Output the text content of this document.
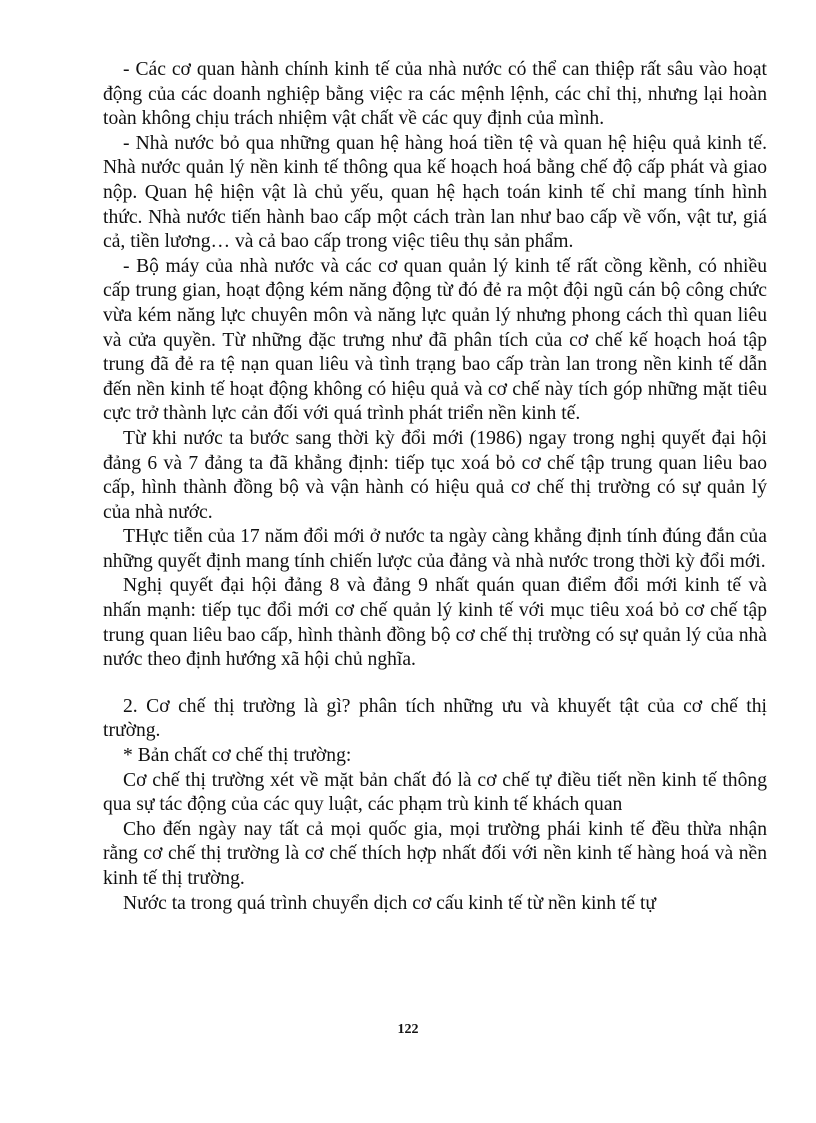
- Các cơ quan hành chính kinh tế của nhà nước có thể can thiệp rất sâu vào hoạt động của các doanh nghiệp bằng việc ra các mệnh lệnh, các chỉ thị, nhưng lại hoàn toàn không chịu trách nhiệm vật chất về các quy định của mình.

- Nhà nước bỏ qua những quan hệ hàng hoá tiền tệ và quan hệ hiệu quả kinh tế. Nhà nước quản lý nền kinh tế thông qua kế hoạch hoá bằng chế độ cấp phát và giao nộp. Quan hệ hiện vật là chủ yếu, quan hệ hạch toán kinh tế chỉ mang tính hình thức. Nhà nước tiến hành bao cấp một cách tràn lan như bao cấp về vốn, vật tư, giá cả, tiền lương… và cả bao cấp trong việc tiêu thụ sản phẩm.

- Bộ máy của nhà nước và các cơ quan quản lý kinh tế rất cồng kềnh, có nhiều cấp trung gian, hoạt động kém năng động từ đó đẻ ra một đội ngũ cán bộ công chức vừa kém năng lực chuyên môn và năng lực quản lý nhưng phong cách thì quan liêu và cửa quyền. Từ những đặc trưng như đã phân tích của cơ chế kế hoạch hoá tập trung đã đẻ ra tệ nạn quan liêu và tình trạng bao cấp tràn lan trong nền kinh tế dẫn đến nền kinh tế hoạt động không có hiệu quả và cơ chế này tích góp những mặt tiêu cực trở thành lực cản đối với quá trình phát triển nền kinh tế.

Từ khi nước ta bước sang thời kỳ đổi mới (1986) ngay trong nghị quyết đại hội đảng 6 và 7 đảng ta đã khẳng định: tiếp tục xoá bỏ cơ chế tập trung quan liêu bao cấp, hình thành đồng bộ và vận hành có hiệu quả cơ chế thị trường có sự quản lý của nhà nước.

THực tiễn của 17 năm đổi mới ở nước ta ngày càng khẳng định tính đúng đắn của những quyết định mang tính chiến lược của đảng và nhà nước trong thời kỳ đổi mới.

Nghị quyết đại hội đảng 8 và đảng 9 nhất quán quan điểm đổi mới kinh tế và nhấn mạnh: tiếp tục đổi mới cơ chế quản lý kinh tế với mục tiêu xoá bỏ cơ chế tập trung quan liêu bao cấp, hình thành đồng bộ cơ chế thị trường có sự quản lý của nhà nước theo định hướng xã hội chủ nghĩa.

2. Cơ chế thị trường là gì? phân tích những ưu và khuyết tật của cơ chế thị trường.

* Bản chất cơ chế thị trường:

Cơ chế thị trường xét về mặt bản chất đó là cơ chế tự điều tiết nền kinh tế thông qua sự tác động của các quy luật, các phạm trù kinh tế khách quan

Cho đến ngày nay tất cả mọi quốc gia, mọi trường phái kinh tế đều thừa nhận rằng cơ chế thị trường là cơ chế thích hợp nhất đối với nền kinh tế hàng hoá và nền kinh tế thị trường.

Nước ta trong quá trình chuyển dịch cơ cấu kinh tế từ nền kinh tế tự

122
